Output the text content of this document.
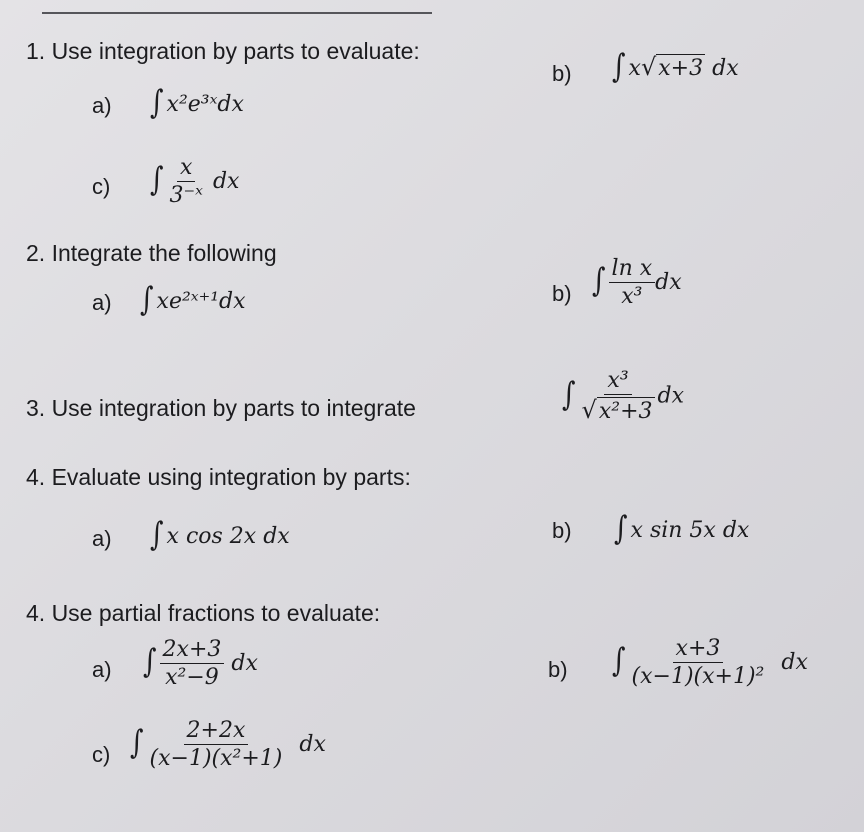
1. Use integration by parts to evaluate:
a) ∫ x²e³ˣdx
b) ∫ x√x+3 dx
c) ∫ $\frac{x}{\text{3⁻ˣ}}$ dx
2. Integrate the following
a) ∫ xe²ˣ⁺¹dx	b) ∫ $\frac{\text{ln x}}{\text{x³}}$ dx
3. Use integration by parts to integrate	∫ $\frac{\text{x³}}{\text{√x²+3}}$ dx
4. Evaluate using integration by parts:
a) ∫ x cos 2x dx	b) ∫ x sin 5x dx
4. Use partial fractions to evaluate:
a) ∫ $\frac{2x+3}{\text{x²−9}}$ dx	b) ∫ $\frac{x+3}{\text{(x−1)(x+1)²}}$ dx
c) ∫ $\frac{2+2x}{\text{(x−1)(x²+1)}}$ dx
